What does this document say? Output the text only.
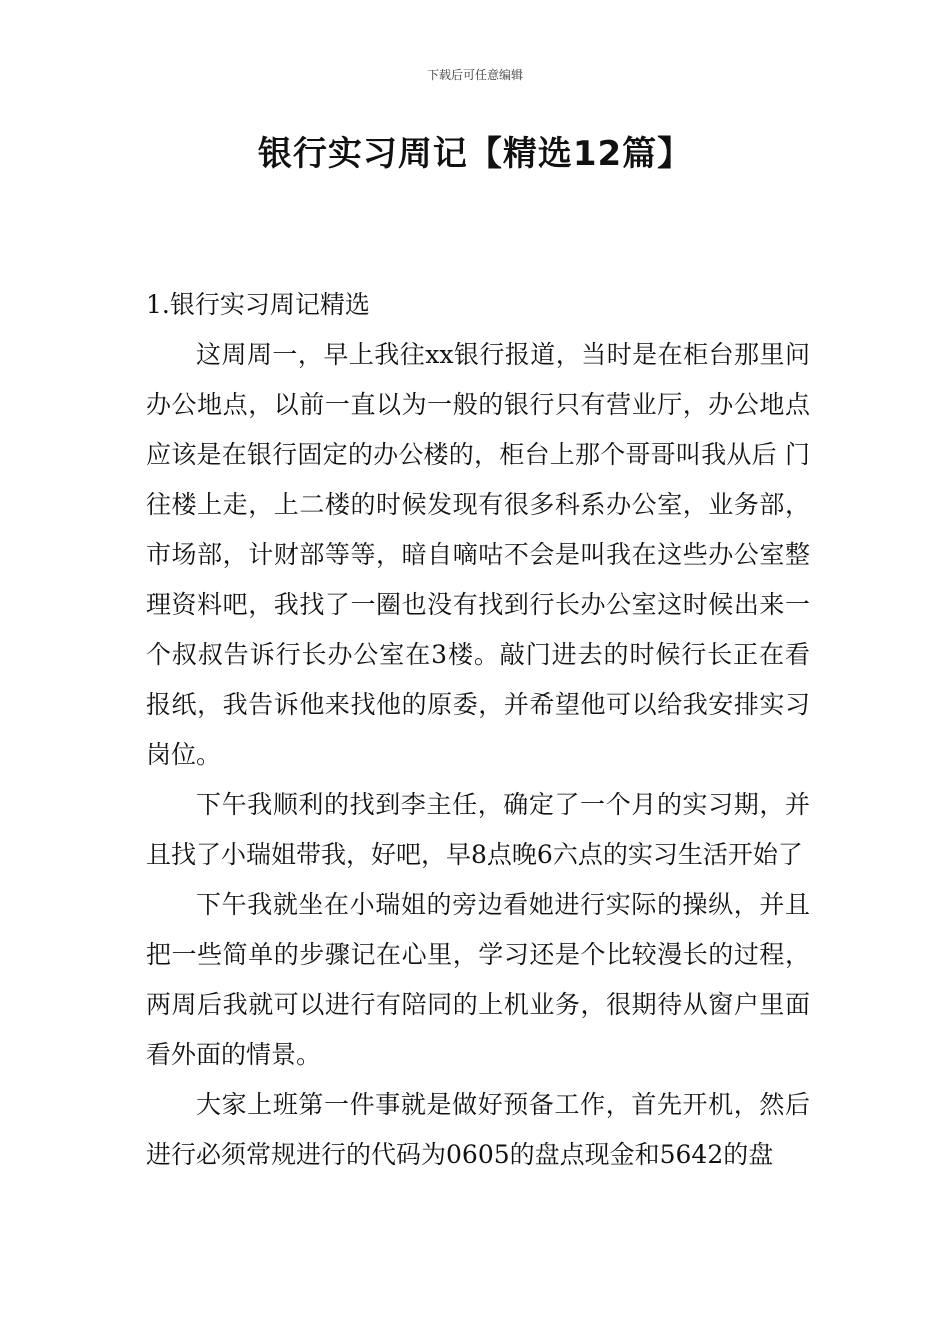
下载后可任意编辑
银行实习周记【精选12篇】
1.银行实习周记精选

这周周一，早上我往xx银行报道，当时是在柜台那里问办公地点，以前一直以为一般的银行只有营业厅，办公地点应该是在银行固定的办公楼的，柜台上那个哥哥叫我从后 门往楼上走，上二楼的时候发现有很多科系办公室，业务部，市场部，计财部等等，暗自嘀咕不会是叫我在这些办公室整理资料吧，我找了一圈也没有找到行长办公室这时候出来一个叔叔告诉行长办公室在3楼。敲门进去的时候行长正在看报纸，我告诉他来找他的原委，并希望他可以给我安排实习岗位。

下午我顺利的找到李主任，确定了一个月的实习期，并且找了小瑞姐带我，好吧，早8点晚6六点的实习生活开始了

下午我就坐在小瑞姐的旁边看她进行实际的操纵，并且把一些简单的步骤记在心里，学习还是个比较漫长的过程，两周后我就可以进行有陪同的上机业务，很期待从窗户里面看外面的情景。

大家上班第一件事就是做好预备工作，首先开机，然后进行必须常规进行的代码为0605的盘点现金和5642的盘
